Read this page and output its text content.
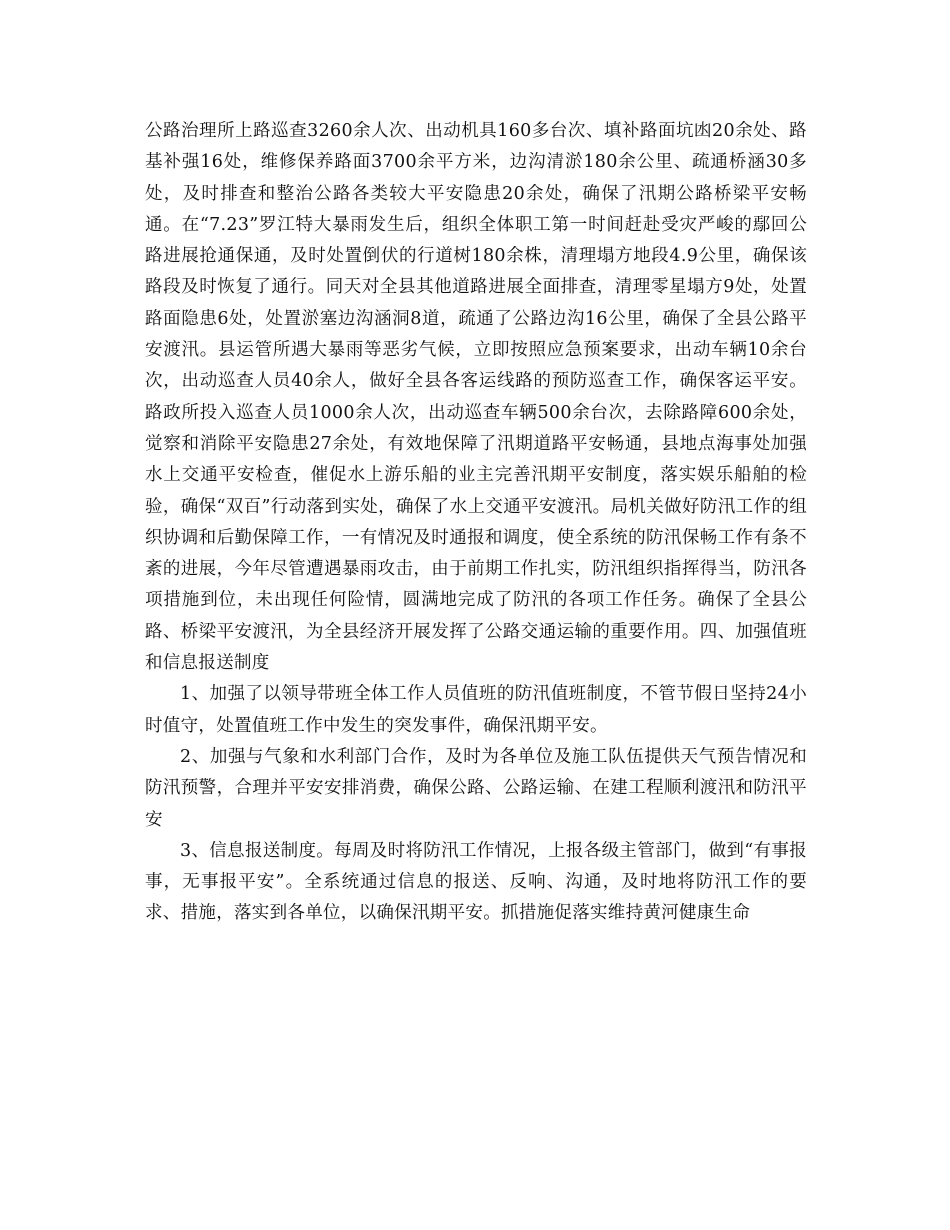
公路治理所上路巡查3260余人次、出动机具160多台次、填补路面坑凼20余处、路基补强16处，维修保养路面3700余平方米，边沟清淤180余公里、疏通桥涵30多处，及时排查和整治公路各类较大平安隐患20余处，确保了汛期公路桥梁平安畅通。在“7.23”罗江特大暴雨发生后，组织全体职工第一时间赶赴受灾严峻的鄢回公路进展抢通保通，及时处置倒伏的行道树180余株，清理塌方地段4.9公里，确保该路段及时恢复了通行。同天对全县其他道路进展全面排查，清理零星塌方9处，处置路面隐患6处，处置淤塞边沟涵洞8道，疏通了公路边沟16公里，确保了全县公路平安渡汛。县运管所遇大暴雨等恶劣气候，立即按照应急预案要求，出动车辆10余台次，出动巡查人员40余人，做好全县各客运线路的预防巡查工作，确保客运平安。路政所投入巡查人员1000余人次，出动巡查车辆500余台次，去除路障600余处，觉察和消除平安隐患27余处，有效地保障了汛期道路平安畅通，县地点海事处加强水上交通平安检查，催促水上游乐船的业主完善汛期平安制度，落实娱乐船舶的检验，确保“双百”行动落到实处，确保了水上交通平安渡汛。局机关做好防汛工作的组织协调和后勤保障工作，一有情况及时通报和调度，使全系统的防汛保畅工作有条不紊的进展，今年尽管遭遇暴雨攻击，由于前期工作扎实，防汛组织指挥得当，防汛各项措施到位，未出现任何险情，圆满地完成了防汛的各项工作任务。确保了全县公路、桥梁平安渡汛，为全县经济开展发挥了公路交通运输的重要作用。四、加强值班和信息报送制度

1、加强了以领导带班全体工作人员值班的防汛值班制度，不管节假日坚持24小时值守，处置值班工作中发生的突发事件，确保汛期平安。

2、加强与气象和水利部门合作，及时为各单位及施工队伍提供天气预告情况和防汛预警，合理并平安安排消费，确保公路、公路运输、在建工程顺利渡汛和防汛平安

3、信息报送制度。每周及时将防汛工作情况，上报各级主管部门，做到“有事报事，无事报平安”。全系统通过信息的报送、反响、沟通，及时地将防汛工作的要求、措施，落实到各单位，以确保汛期平安。抓措施促落实维持黄河健康生命
